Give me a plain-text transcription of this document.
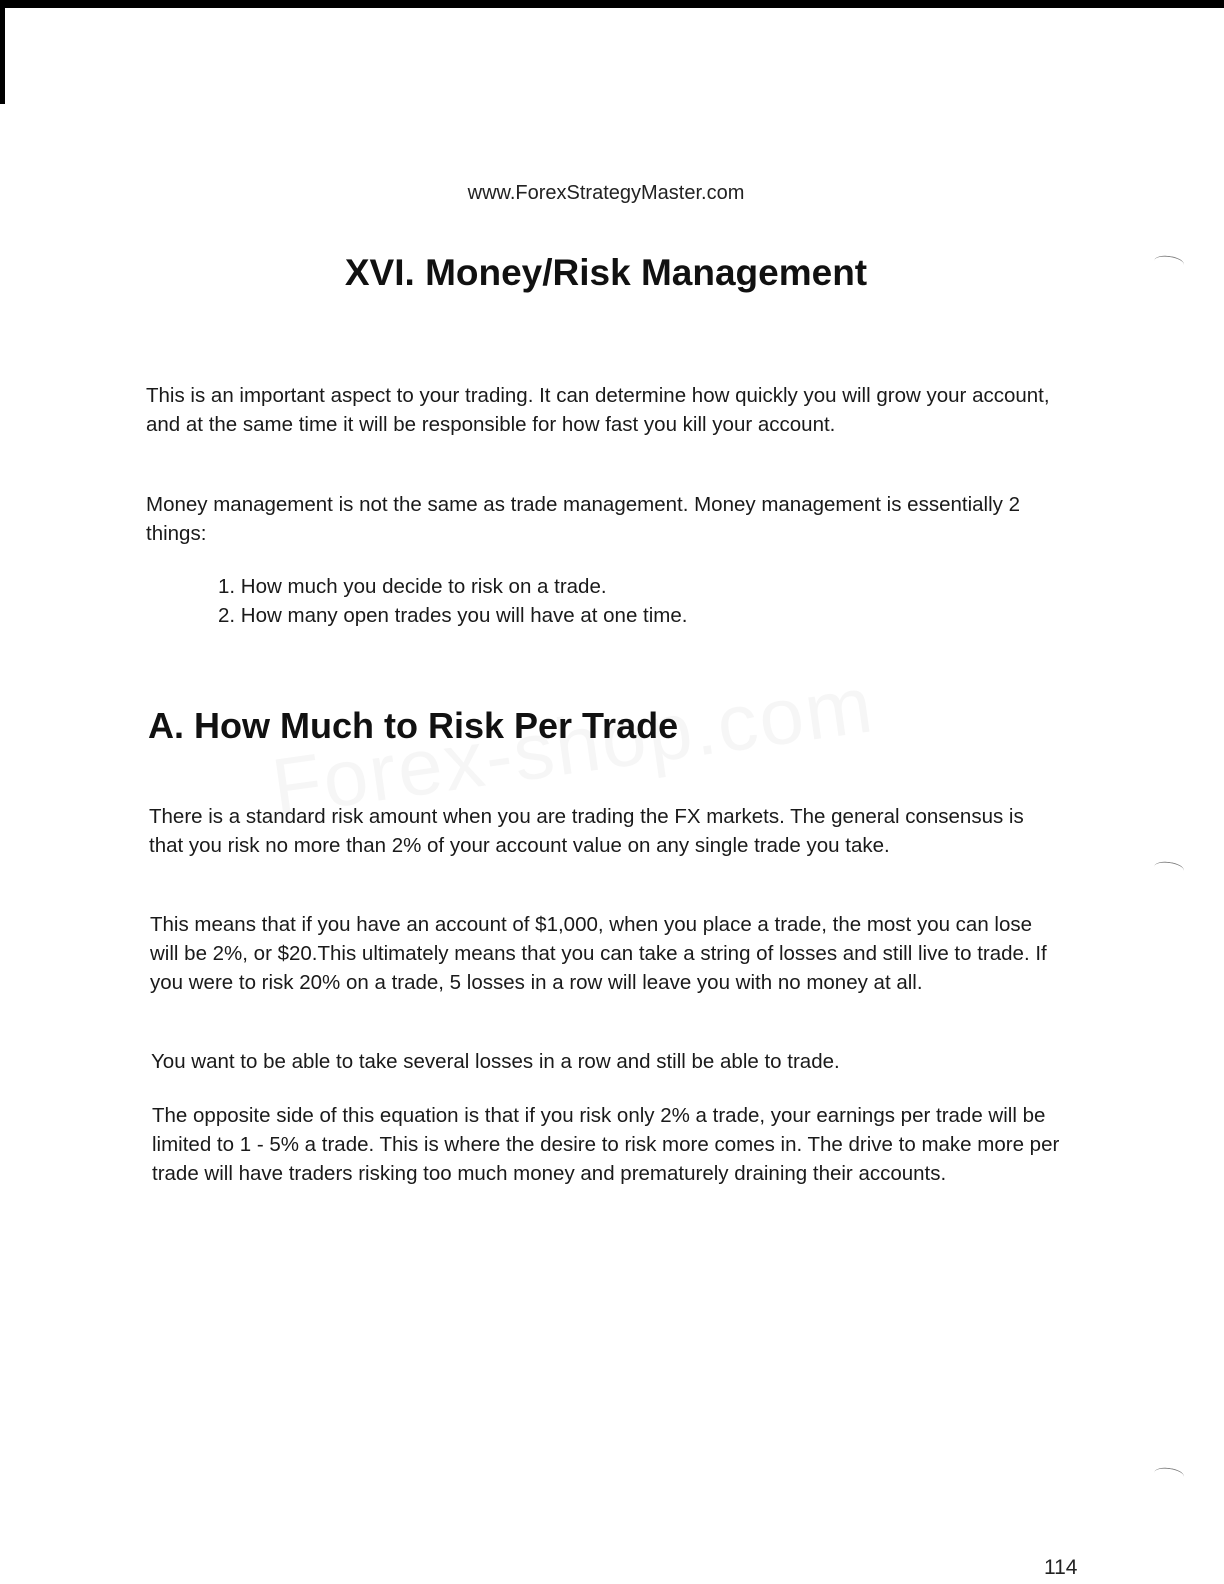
www.ForexStrategyMaster.com
XVI. Money/Risk Management

This is an important aspect to your trading. It can determine how quickly you will grow your account, and at the same time it will be responsible for how fast you kill your account.

Money management is not the same as trade management. Money management is essentially 2 things:

1. How much you decide to risk on a trade.
2. How many open trades you will have at one time.
A. How Much to Risk Per Trade

There is a standard risk amount when you are trading the FX markets. The general consensus is that you risk no more than 2% of your account value on any single trade you take.

This means that if you have an account of $1,000, when you place a trade, the most you can lose will be 2%, or $20.This ultimately means that you can take a string of losses and still live to trade. If you were to risk 20% on a trade, 5 losses in a row will leave you with no money at all.

You want to be able to take several losses in a row and still be able to trade.

The opposite side of this equation is that if you risk only 2% a trade, your earnings per trade will be limited to 1 - 5% a trade. This is where the desire to risk more comes in. The drive to make more per trade will have traders risking too much money and prematurely draining their accounts.

114
